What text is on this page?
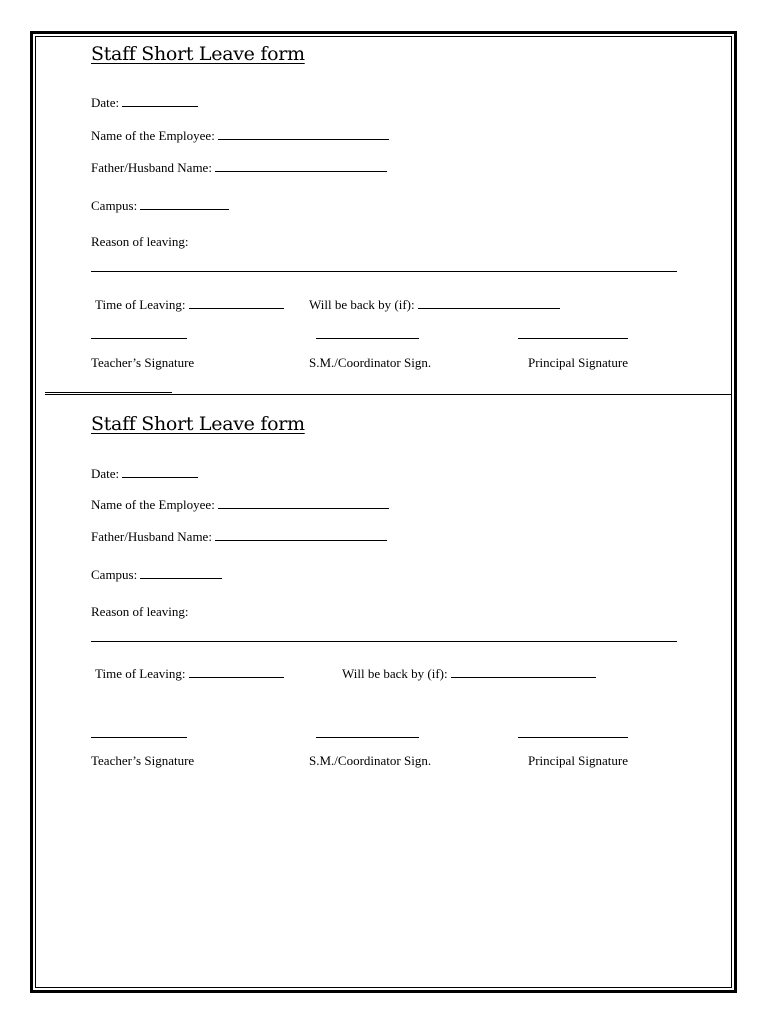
Staff Short Leave form
Date:
Name of the Employee:
Father/Husband Name:
Campus:
Reason of leaving:
Time of Leaving:	Will be back by (if):
Teacher’s Signature	S.M./Coordinator Sign.	Principal Signature
Staff Short Leave form
Date:
Name of the Employee:
Father/Husband Name:
Campus:
Reason of leaving:
Time of Leaving:	Will be back by (if):
Teacher’s Signature	S.M./Coordinator Sign.	Principal Signature
